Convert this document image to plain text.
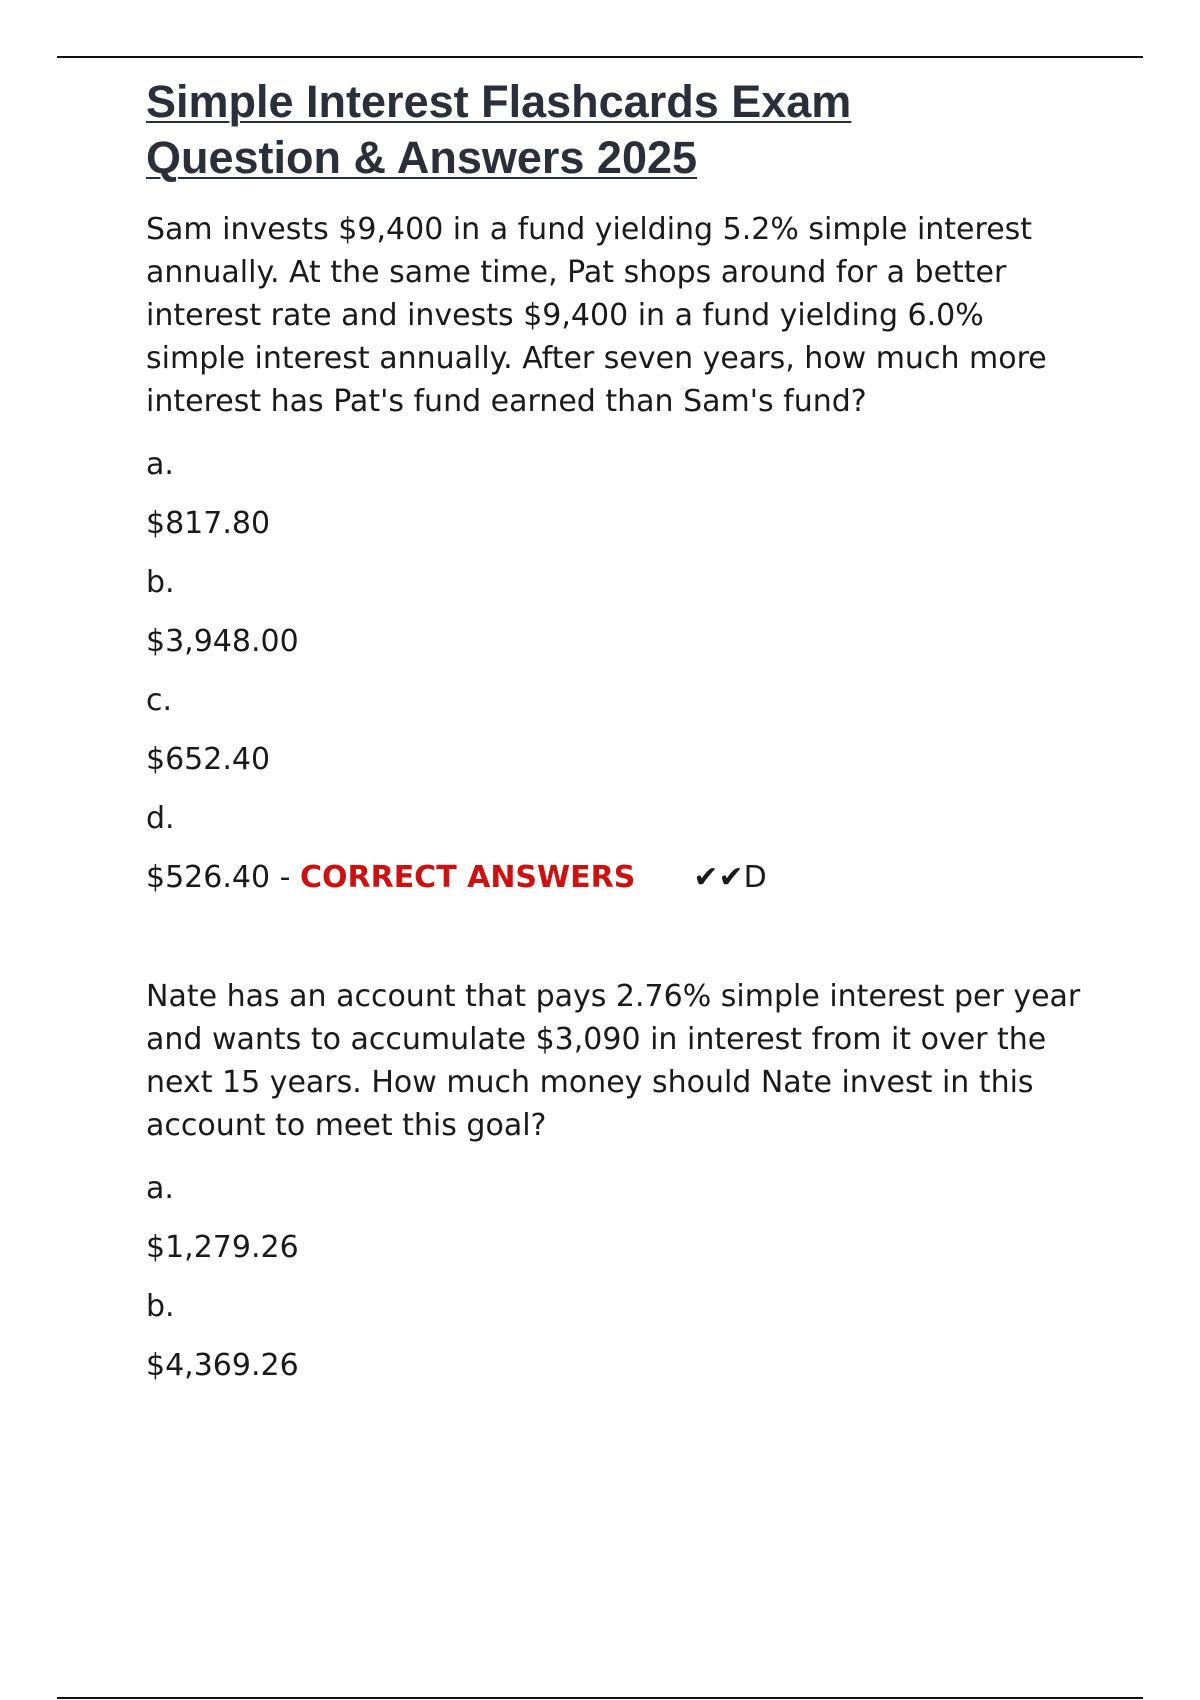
Simple Interest Flashcards Exam
Question & Answers 2025

Sam invests $9,400 in a fund yielding 5.2% simple interest annually. At the same time, Pat shops around for a better interest rate and invests $9,400 in a fund yielding 6.0% simple interest annually. After seven years, how much more interest has Pat's fund earned than Sam's fund?

a.

$817.80

b.

$3,948.00

c.

$652.40

d.

$526.40 - CORRECT ANSWERS ✔✔D

Nate has an account that pays 2.76% simple interest per year and wants to accumulate $3,090 in interest from it over the next 15 years. How much money should Nate invest in this account to meet this goal?

a.

$1,279.26

b.

$4,369.26
